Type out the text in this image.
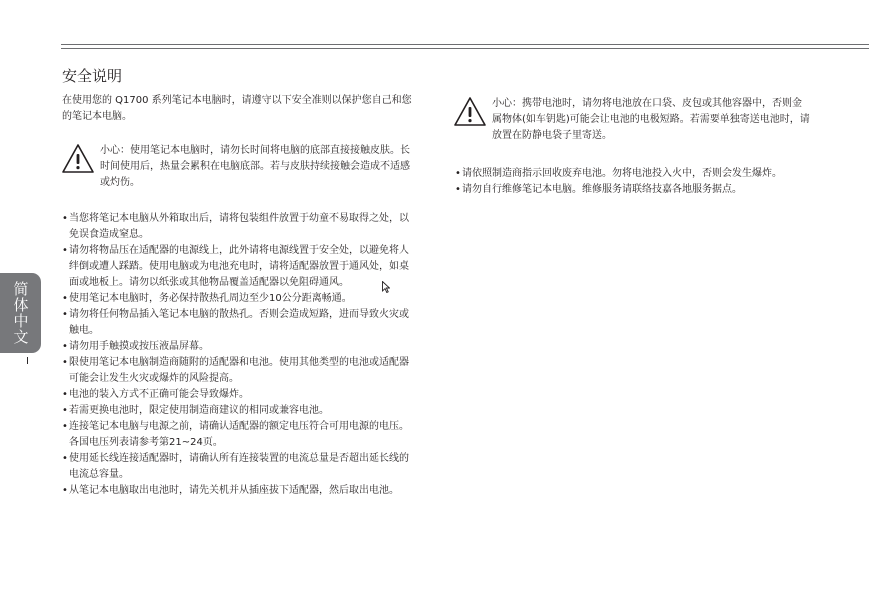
安全说明
在使用您的 Q1700 系列笔记本电脑时，请遵守以下安全准则以保护您自己和您的笔记本电脑。
小心：使用笔记本电脑时，请勿长时间将电脑的底部直接接触皮肤。长时间使用后，热量会累积在电脑底部。若与皮肤持续接触会造成不适感或灼伤。
• 当您将笔记本电脑从外箱取出后，请将包装组件放置于幼童不易取得之处，以免误食造成窒息。
• 请勿将物品压在适配器的电源线上，此外请将电源线置于安全处，以避免将人绊倒或遭人踩踏。使用电脑或为电池充电时，请将适配器放置于通风处，如桌面或地板上。请勿以纸张或其他物品覆盖适配器以免阻碍通风。
• 使用笔记本电脑时，务必保持散热孔周边至少10公分距离畅通。
• 请勿将任何物品插入笔记本电脑的散热孔。否则会造成短路，进而导致火灾或触电。
• 请勿用手触摸或按压液晶屏幕。
• 限使用笔记本电脑制造商随附的适配器和电池。使用其他类型的电池或适配器可能会让发生火灾或爆炸的风险提高。
• 电池的装入方式不正确可能会导致爆炸。
• 若需更换电池时，限定使用制造商建议的相同或兼容电池。
• 连接笔记本电脑与电源之前，请确认适配器的额定电压符合可用电源的电压。各国电压列表请参考第21~24页。
• 使用延长线连接适配器时，请确认所有连接装置的电流总量是否超出延长线的电流总容量。
• 从笔记本电脑取出电池时，请先关机并从插座拔下适配器，然后取出电池。
小心：携带电池时，请勿将电池放在口袋、皮包或其他容器中，否则金属物体(如车钥匙)可能会让电池的电极短路。若需要单独寄送电池时，请放置在防静电袋子里寄送。
• 请依照制造商指示回收废弃电池。勿将电池投入火中，否则会发生爆炸。
• 请勿自行维修笔记本电脑。维修服务请联络技嘉各地服务据点。
简体中文
I
